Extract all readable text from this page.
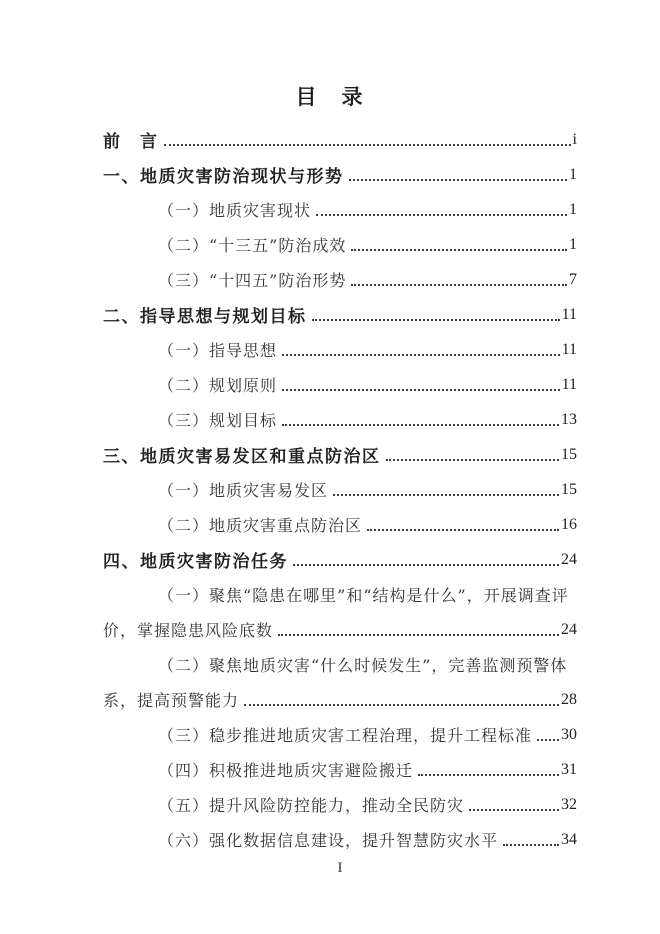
目　录
前　言	i
一、地质灾害防治现状与形势	1
（一）地质灾害现状	1
（二）“十三五”防治成效	1
（三）“十四五”防治形势	7
二、指导思想与规划目标	11
（一）指导思想	11
（二）规划原则	11
（三）规划目标	13
三、地质灾害易发区和重点防治区	15
（一）地质灾害易发区	15
（二）地质灾害重点防治区	16
四、地质灾害防治任务	24
（一）聚焦“隐患在哪里”和“结构是什么”，开展调查评
价，掌握隐患风险底数	24
（二）聚焦地质灾害“什么时候发生”，完善监测预警体
系，提高预警能力	28
（三）稳步推进地质灾害工程治理，提升工程标准 30
（四）积极推进地质灾害避险搬迁	31
（五）提升风险防控能力，推动全民防灾	32
（六）强化数据信息建设，提升智慧防灾水平	34
I
